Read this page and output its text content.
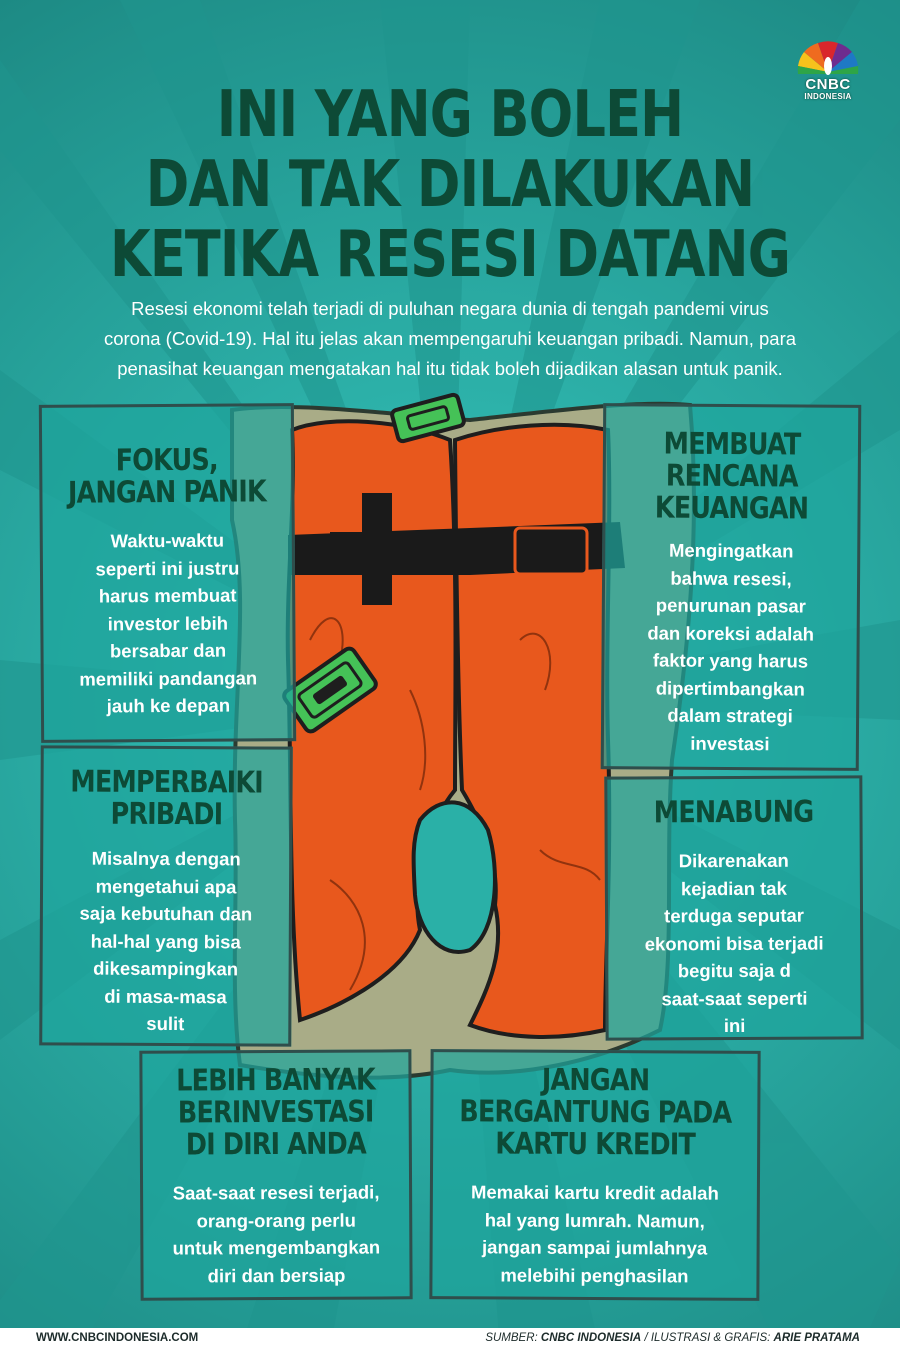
CNBC
INDONESIA
INI YANG BOLEH
DAN TAK DILAKUKAN
KETIKA RESESI DATANG
Resesi ekonomi telah terjadi di puluhan negara dunia di tengah pandemi virus
corona (Covid-19). Hal itu jelas akan mempengaruhi keuangan pribadi. Namun, para
penasihat keuangan mengatakan hal itu tidak boleh dijadikan alasan untuk panik.
FOKUS,
JANGAN PANIK
Waktu-waktu
seperti ini justru
harus membuat
investor lebih
bersabar dan
memiliki pandangan
jauh ke depan
MEMBUAT
RENCANA
KEUANGAN
Mengingatkan
bahwa resesi,
penurunan pasar
dan koreksi adalah
faktor yang harus
dipertimbangkan
dalam strategi
investasi
MEMPERBAIKI
PRIBADI
Misalnya dengan
mengetahui apa
saja kebutuhan dan
hal-hal yang bisa
dikesampingkan
di masa-masa
sulit
MENABUNG
Dikarenakan
kejadian tak
terduga seputar
ekonomi bisa terjadi
begitu saja d
saat-saat seperti
ini
LEBIH BANYAK
BERINVESTASI
DI DIRI ANDA
Saat-saat resesi terjadi,
orang-orang perlu
untuk mengembangkan
diri dan bersiap
JANGAN
BERGANTUNG PADA
KARTU KREDIT
Memakai kartu kredit adalah
hal yang lumrah. Namun,
jangan sampai jumlahnya
melebihi penghasilan
WWW.CNBCINDONESIA.COM	SUMBER: CNBC INDONESIA / ILUSTRASI & GRAFIS: ARIE PRATAMA
